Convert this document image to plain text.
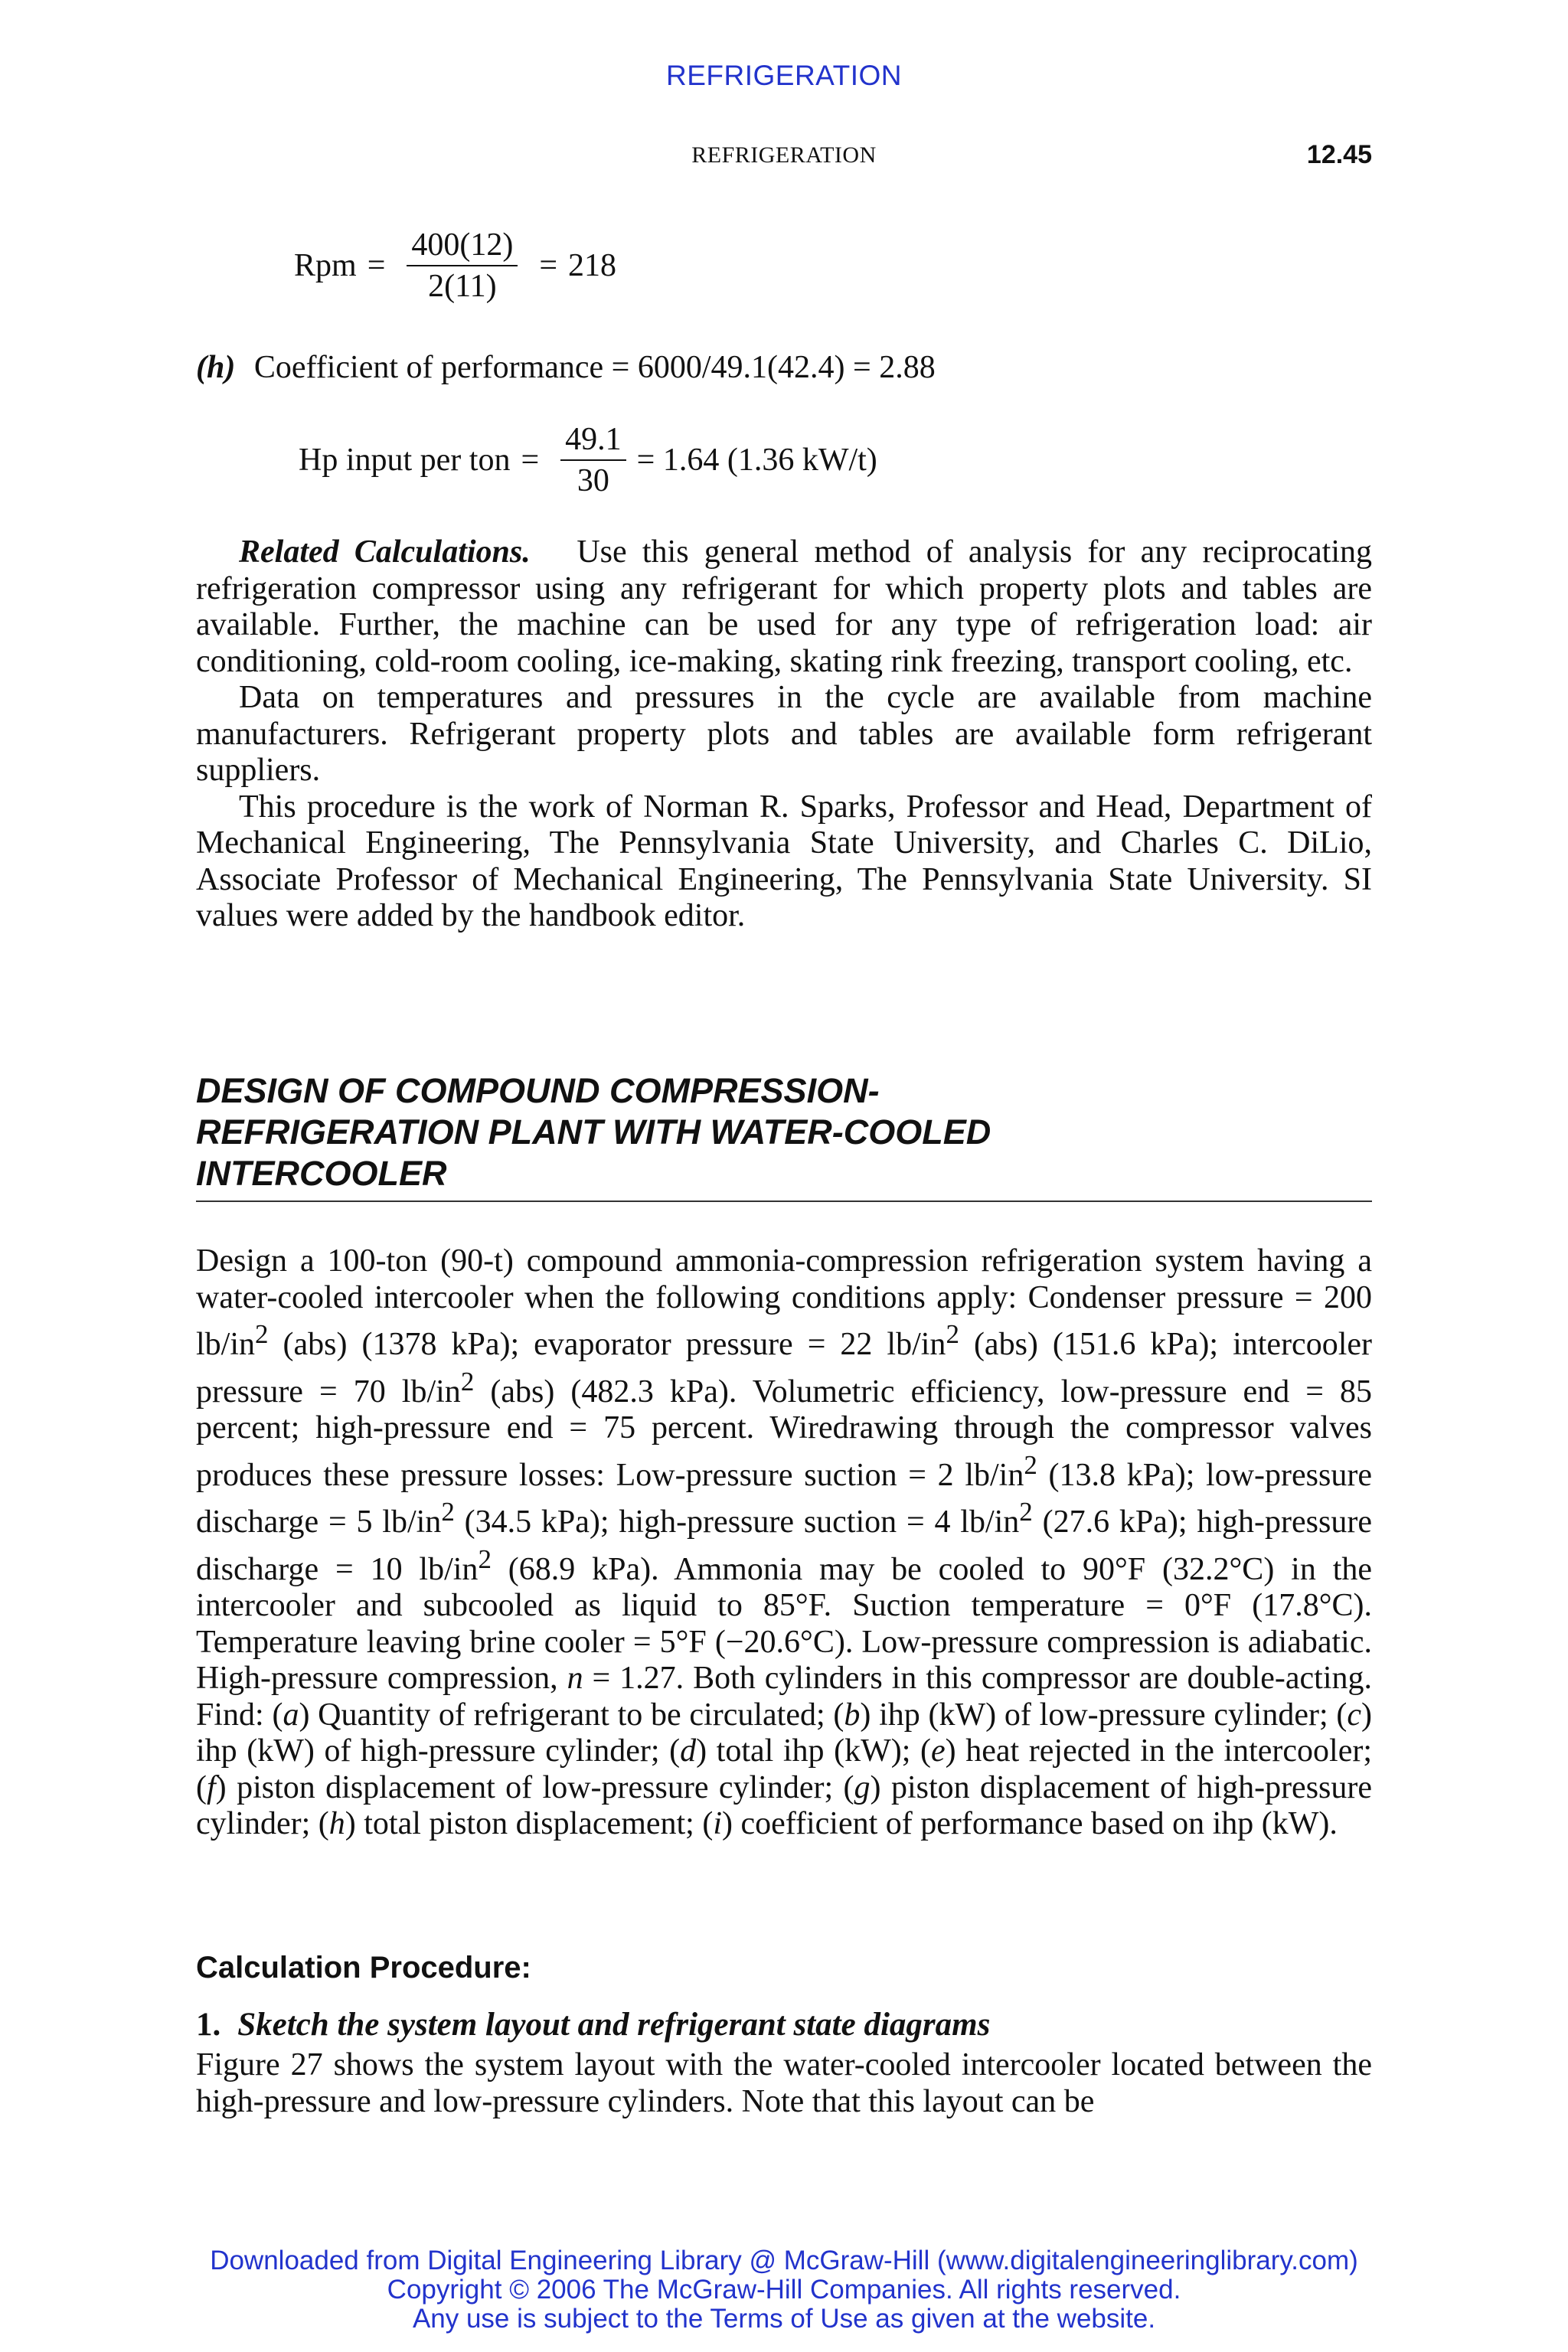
REFRIGERATION
REFRIGERATION	12.45
Rpm = $\frac{400(12)}{2(11)} = 218$
(h) Coefficient of performance = 6000/49.1(42.4) = 2.88
Hp input per ton = $\frac{49.1}{30} = 1.64$ (1.36 kW/t)

Related Calculations. Use this general method of analysis for any reciprocating refrigeration compressor using any refrigerant for which property plots and tables are available. Further, the machine can be used for any type of refrigeration load: air conditioning, cold-room cooling, ice-making, skating rink freezing, transport cooling, etc.

Data on temperatures and pressures in the cycle are available from machine manufacturers. Refrigerant property plots and tables are available form refrigerant suppliers.

This procedure is the work of Norman R. Sparks, Professor and Head, Department of Mechanical Engineering, The Pennsylvania State University, and Charles C. DiLio, Associate Professor of Mechanical Engineering, The Pennsylvania State University. SI values were added by the handbook editor.

DESIGN OF COMPOUND COMPRESSION-
REFRIGERATION PLANT WITH WATER-COOLED
INTERCOOLER

Design a 100-ton (90-t) compound ammonia-compression refrigeration system having a water-cooled intercooler when the following conditions apply: Condenser pressure = 200 $lb/in^2$ (abs) (1378 kPa); evaporator pressure = 22 $lb/in^2$ (abs) (151.6 kPa); intercooler pressure = 70 $lb/in^2$ (abs) (482.3 kPa). Volumetric efficiency, low-pressure end = 85 percent; high-pressure end = 75 percent. Wiredrawing through the compressor valves produces these pressure losses: Low-pressure suction = 2 $lb/in^2$ (13.8 kPa); low-pressure discharge = 5 $lb/in^2$ (34.5 kPa); high-pressure suction = 4 $lb/in^2$ (27.6 kPa); high-pressure discharge = 10 $lb/in^2$ (68.9 kPa). Ammonia may be cooled to 90°F (32.2°C) in the intercooler and subcooled as liquid to 85°F. Suction temperature = 0°F (17.8°C). Temperature leaving brine cooler = 5°F (−20.6°C). Low-pressure compression is adiabatic. High-pressure compression, n = 1.27. Both cylinders in this compressor are double-acting. Find: (a) Quantity of refrigerant to be circulated; (b) ihp (kW) of low-pressure cylinder; (c) ihp (kW) of high-pressure cylinder; (d) total ihp (kW); (e) heat rejected in the intercooler; (f) piston displacement of low-pressure cylinder; (g) piston displacement of high-pressure cylinder; (h) total piston displacement; (i) coefficient of performance based on ihp (kW).

Calculation Procedure:
1. Sketch the system layout and refrigerant state diagrams

Figure 27 shows the system layout with the water-cooled intercooler located between the high-pressure and low-pressure cylinders. Note that this layout can be

Downloaded from Digital Engineering Library @ McGraw-Hill (www.digitalengineeringlibrary.com)
Copyright © 2006 The McGraw-Hill Companies. All rights reserved.
Any use is subject to the Terms of Use as given at the website.
